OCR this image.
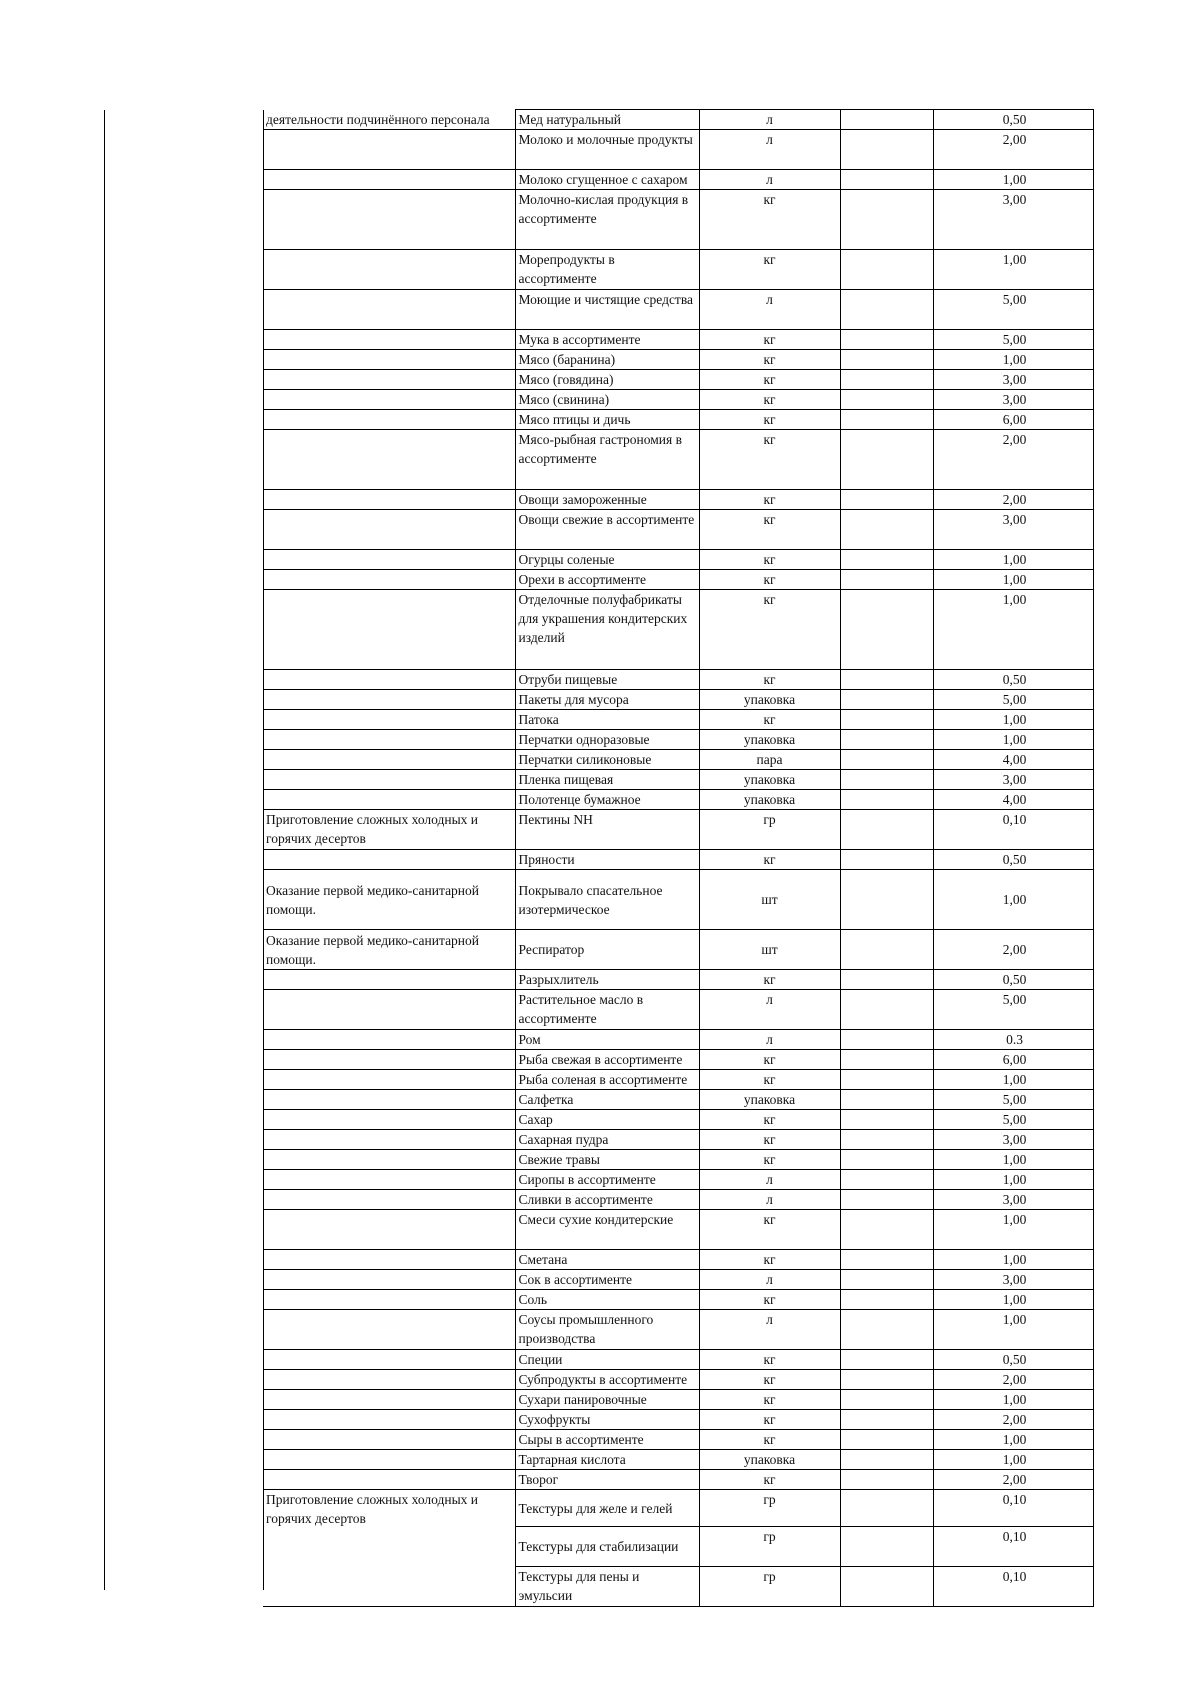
деятельности подчинённого персонала	Мед натуральный	л		0,50
	Молоко и молочные продукты	л		2,00
	Молоко сгущенное с сахаром	л		1,00
	Молочно-кислая продукция в ассортименте	кг		3,00
	Морепродукты в ассортименте	кг		1,00
	Моющие и чистящие средства	л		5,00
	Мука в ассортименте	кг		5,00
	Мясо (баранина)	кг		1,00
	Мясо (говядина)	кг		3,00
	Мясо (свинина)	кг		3,00
	Мясо птицы и дичь	кг		6,00
	Мясо-рыбная гастрономия в ассортименте	кг		2,00
	Овощи замороженные	кг		2,00
	Овощи свежие в ассортименте	кг		3,00
	Огурцы соленые	кг		1,00
	Орехи в ассортименте	кг		1,00
	Отделочные полуфабрикаты для украшения кондитерских изделий	кг		1,00
	Отруби пищевые	кг		0,50
	Пакеты для мусора	упаковка		5,00
	Патока	кг		1,00
	Перчатки одноразовые	упаковка		1,00
	Перчатки силиконовые	пара		4,00
	Пленка пищевая	упаковка		3,00
	Полотенце бумажное	упаковка		4,00
Приготовление сложных холодных и горячих десертов	Пектины NH	гр		0,10
	Пряности	кг		0,50
Оказание первой медико-санитарной помощи.	Покрывало спасательное изотермическое	шт		1,00
Оказание первой медико-санитарной помощи.	Респиратор	шт		2,00
	Разрыхлитель	кг		0,50
	Растительное масло в ассортименте	л		5,00
	Ром	л		0.3
	Рыба свежая в ассортименте	кг		6,00
	Рыба соленая в ассортименте	кг		1,00
	Салфетка	упаковка		5,00
	Сахар	кг		5,00
	Сахарная пудра	кг		3,00
	Свежие травы	кг		1,00
	Сиропы в ассортименте	л		1,00
	Сливки в ассортименте	л		3,00
	Смеси сухие кондитерские	кг		1,00
	Сметана	кг		1,00
	Сок в ассортименте	л		3,00
	Соль	кг		1,00
	Соусы промышленного производства	л		1,00
	Специи	кг		0,50
	Субпродукты в ассортименте	кг		2,00
	Сухари панировочные	кг		1,00
	Сухофрукты	кг		2,00
	Сыры в ассортименте	кг		1,00
	Тартарная кислота	упаковка		1,00
	Творог	кг		2,00
Приготовление сложных холодных и горячих десертов	Текстуры для желе и гелей	гр		0,10
	Текстуры для стабилизации	гр		0,10
	Текстуры для пены и эмульсии	гр		0,10
